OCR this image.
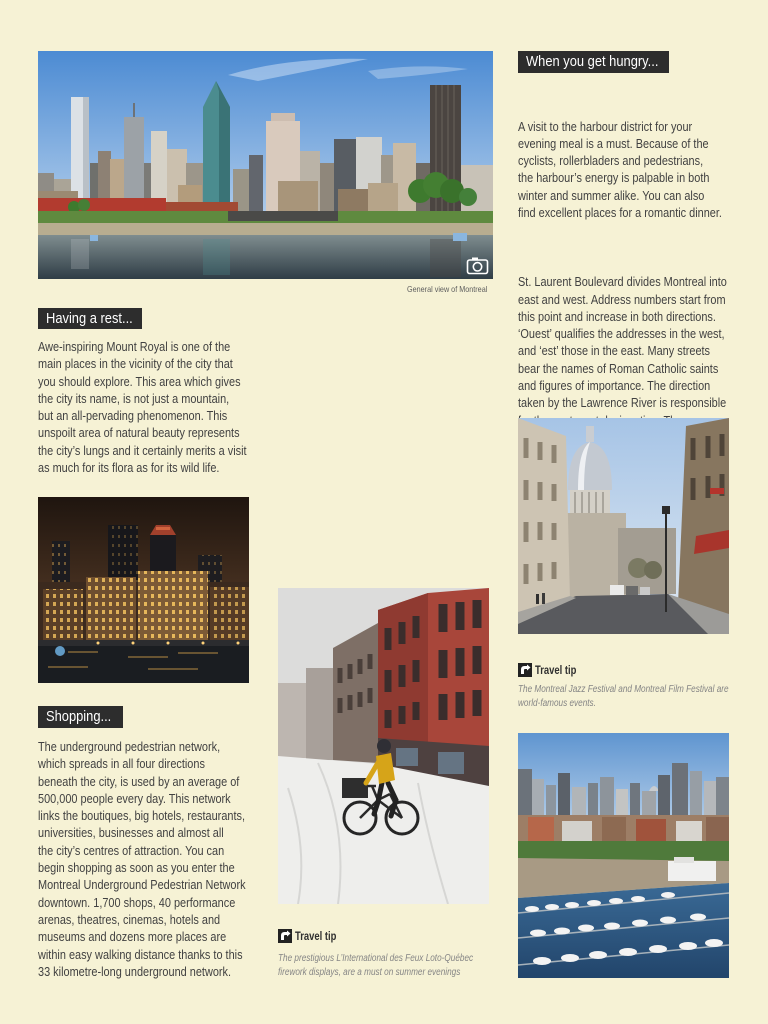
General view of Montreal

Having a rest...

Awe-inspiring Mount Royal is one of the
main places in the vicinity of the city that
you should explore. This area which gives
the city its name, is not just a mountain,
but an all-pervading phenomenon. This
unspoilt area of natural beauty represents
the city’s lungs and it certainly merits a visit
as much for its flora as for its wild life.

Shopping...

The underground pedestrian network,
which spreads in all four directions
beneath the city, is used by an average of
500,000 people every day. This network
links the boutiques, big hotels, restaurants,
universities, businesses and almost all
the city’s centres of attraction. You can
begin shopping as soon as you enter the
Montreal Underground Pedestrian Network
downtown. 1,700 shops, 40 performance
arenas, theatres, cinemas, hotels and
museums and dozens more places are
within easy walking distance thanks to this
33 kilometre-long underground network.

Travel tip

The prestigious L’International des Feux Loto-Québec
firework displays, are a must on summer evenings

When you get hungry...

A visit to the harbour district for your
evening meal is a must. Because of the
cyclists, rollerbladers and pedestrians,
the harbour’s energy is palpable in both
winter and summer alike. You can also
find excellent places for a romantic dinner.

St. Laurent Boulevard divides Montreal into
east and west. Address numbers start from
this point and increase in both directions.
‘Ouest’ qualifies the addresses in the west,
and ‘est’ those in the east. Many streets
bear the names of Roman Catholic saints
and figures of importance. The direction
taken by the Lawrence River is responsible

Travel tip

The Montreal Jazz Festival and Montreal Film Festival are
world-famous events.
